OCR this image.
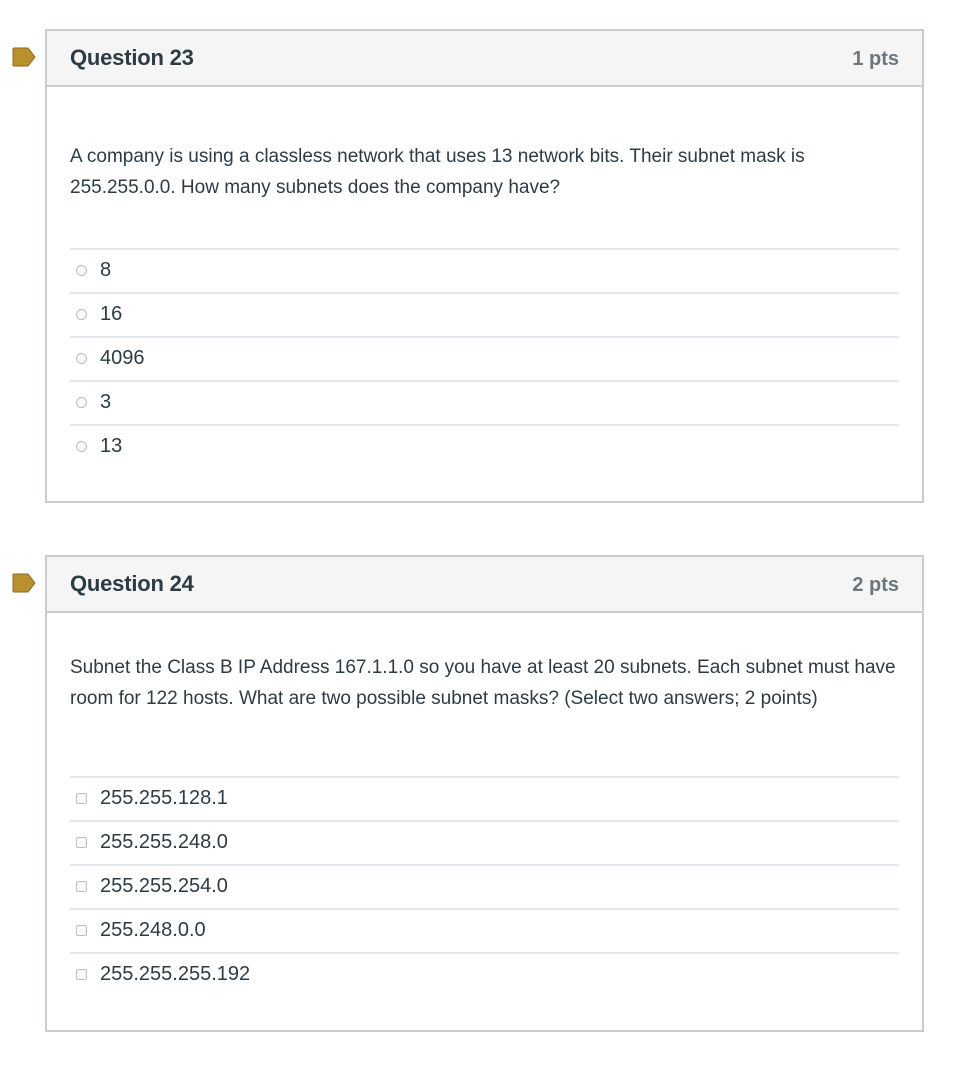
Question 23	1 pts
A company is using a classless network that uses 13 network bits. Their subnet mask is 255.255.0.0. How many subnets does the company have?
8
16
4096
3
13
Question 24	2 pts
Subnet the Class B IP Address 167.1.1.0 so you have at least 20 subnets. Each subnet must have room for 122 hosts. What are two possible subnet masks? (Select two answers; 2 points)
255.255.128.1
255.255.248.0
255.255.254.0
255.248.0.0
255.255.255.192
